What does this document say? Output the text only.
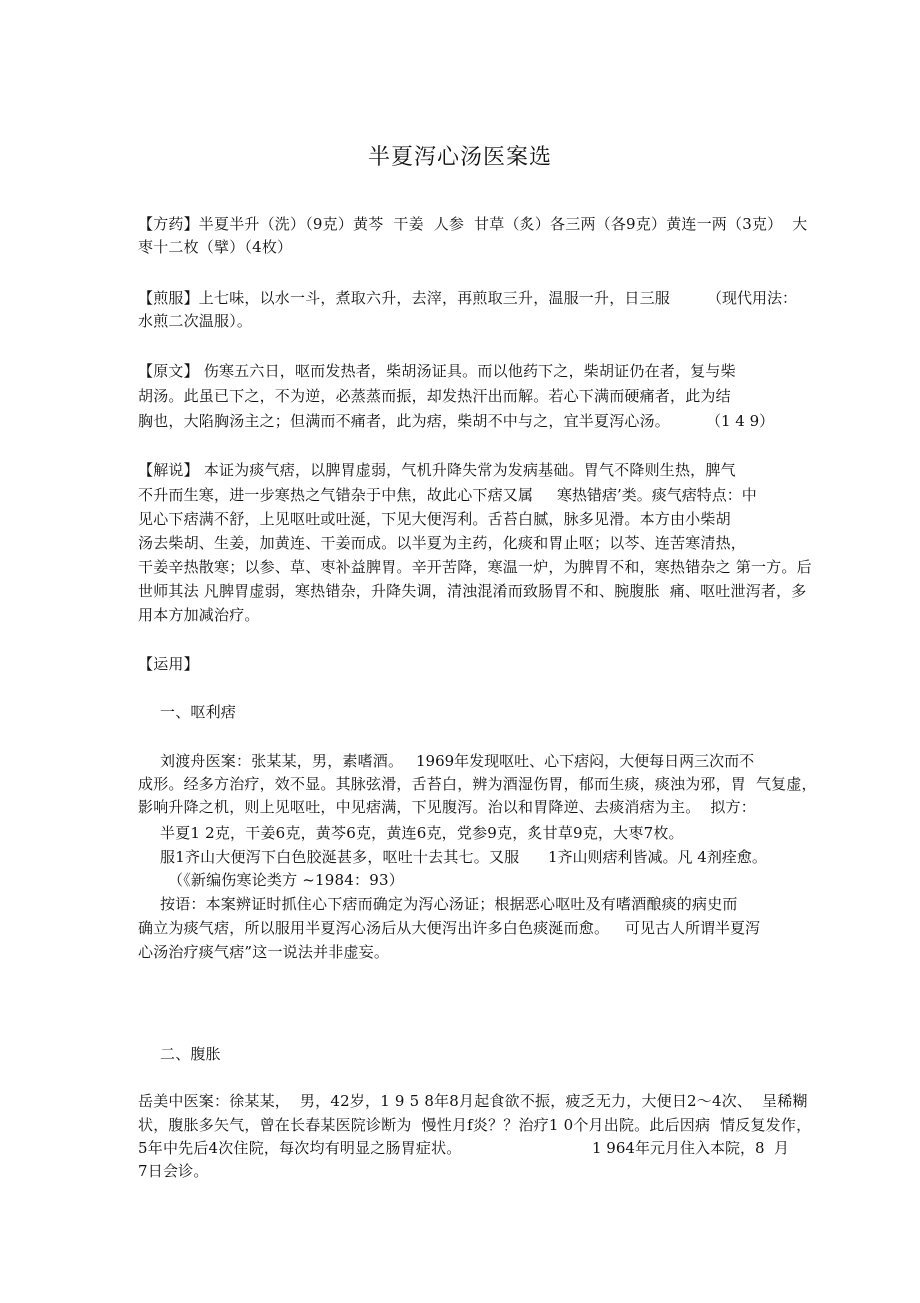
半夏泻心汤医案选
【方药】半夏半升（洗）（9克）黄芩  干姜  人参  甘草（炙）各三两（各9克）黄连一两（3克）  大
枣十二枚（擘）（4枚）
【煎服】上七味，以水一斗，煮取六升，去滓，再煎取三升，温服一升，日三服 （现代用法：
水煎二次温服）。
【原文】 伤寒五六日，呕而发热者，柴胡汤证具。而以他药下之，柴胡证仍在者，复与柴
胡汤。此虽已下之，不为逆，必蒸蒸而振，却发热汗出而解。若心下满而硬痛者，此为结
胸也，大陷胸汤主之；但满而不痛者，此为痞，柴胡不中与之，宜半夏泻心汤。 （1 4 9）
【解说】 本证为痰气痞，以脾胃虚弱，气机升降失常为发病基础。胃气不降则生热，脾气
不升而生寒，进一步寒热之气错杂于中焦，故此心下痞又属 寒热错痞’类。痰气痞特点：中
见心下痞满不舒，上见呕吐或吐涎，下见大便泻利。舌苔白腻，脉多见滑。本方由小柴胡
汤去柴胡、生姜，加黄连、干姜而成。以半夏为主药，化痰和胃止呕；以芩、连苦寒清热，
干姜辛热散寒；以参、草、枣补益脾胃。辛开苦降，寒温一炉，为脾胃不和，寒热错杂之 第一方。后
世师其法 凡脾胃虚弱，寒热错杂，升降失调，清浊混淆而致肠胃不和、腕腹胀  痛、呕吐泄泻者，多
用本方加减治疗。
【运用】
一、呕利痞
刘渡舟医案：张某某，男，素嗜酒。 1969年发现呕吐、心下痞闷，大便每日两三次而不
成形。经多方治疗，效不显。其脉弦滑，舌苔白，辨为酒湿伤胃，郁而生痰，痰浊为邪，胃  气复虚，
影响升降之机，则上见呕吐，中见痞满，下见腹泻。治以和胃降逆、去痰消痞为主。  拟方：
半夏1 2克，干姜6克，黄芩6克，黄连6克，党参9克，炙甘草9克，大枣7枚。
服1齐山大便泻下白色胶涎甚多，呕吐十去其七。又服 1齐山则痞利皆减。凡 4剂痊愈。
（《新编伤寒论类方 ~1984：93）
按语：本案辨证时抓住心下痞而确定为泻心汤证；根据恶心呕吐及有嗜酒酿痰的病史而
确立为痰气痞，所以服用半夏泻心汤后从大便泻出许多白色痰涎而愈。 可见古人所谓半夏泻
心汤治疗痰气痞”这一说法并非虚妄。
二、腹胀
岳美中医案：徐某某，  男，42岁，1 9 5 8年8月起食欲不振，疲乏无力，大便日2～4次、  呈稀糊
状，腹胀多矢气，曾在长春某医院诊断为  慢性月f炎？？治疗1 0个月出院。此后因病  情反复发作，
5年中先后4次住院，每次均有明显之肠胃症状。	1 964年元月住入本院，8  月
7日会诊。
